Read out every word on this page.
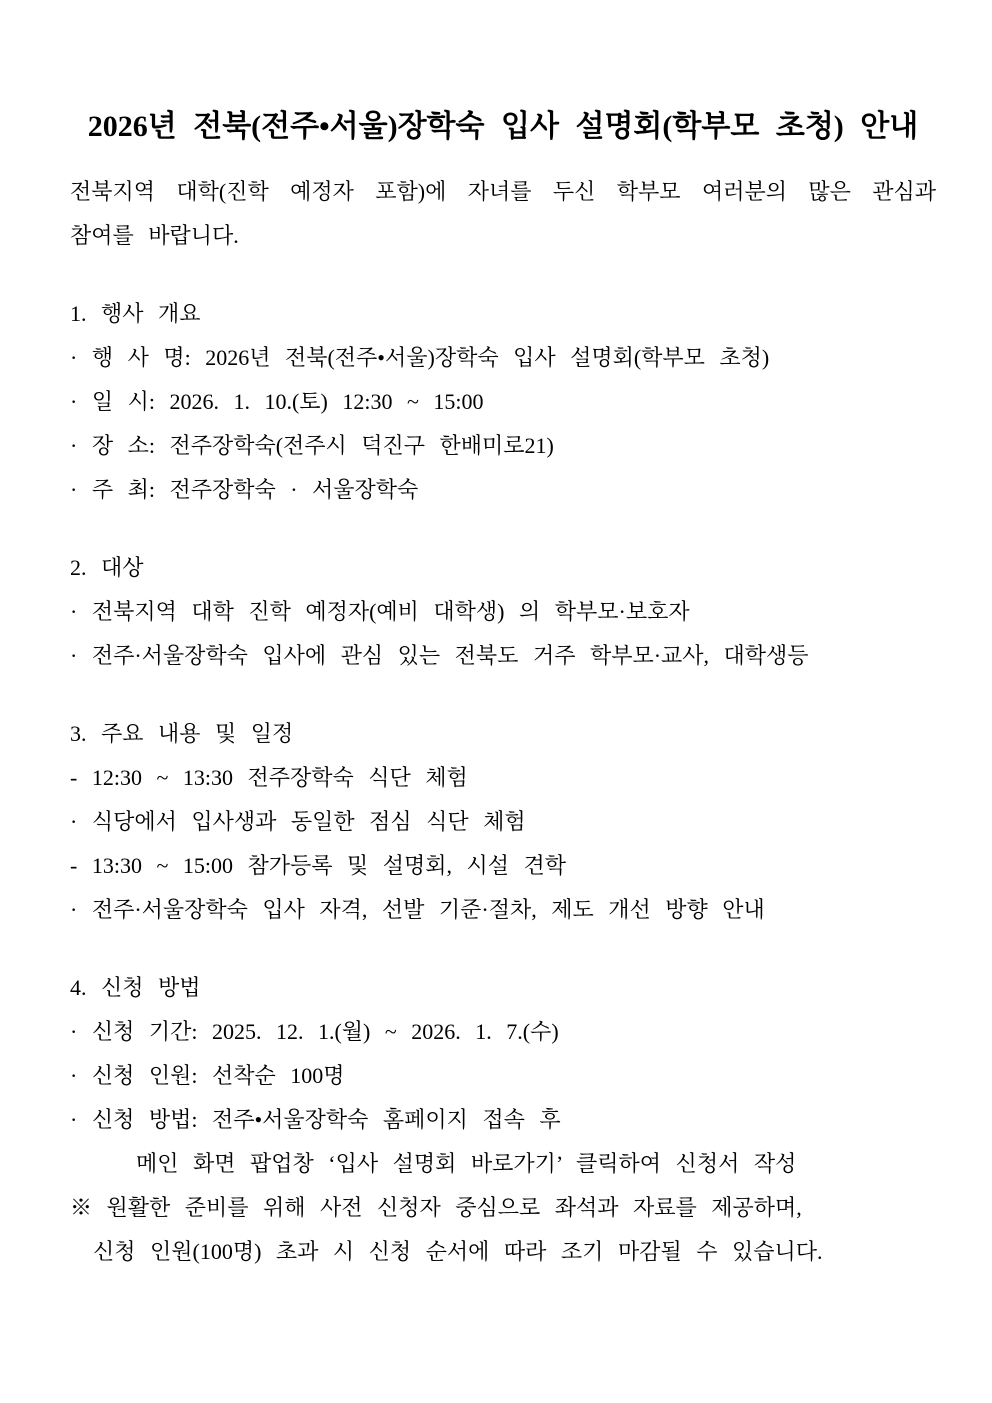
2026년 전북(전주•서울)장학숙 입사 설명회(학부모 초청) 안내
전북지역 대학(진학 예정자 포함)에 자녀를 두신 학부모 여러분의 많은 관심과
참여를 바랍니다.
1. 행사 개요
· 행 사 명: 2026년 전북(전주•서울)장학숙 입사 설명회(학부모 초청)
· 일 시: 2026. 1. 10.(토) 12:30 ~ 15:00
· 장 소: 전주장학숙(전주시 덕진구 한배미로21)
· 주 최: 전주장학숙 · 서울장학숙
2. 대상
· 전북지역 대학 진학 예정자(예비 대학생) 의 학부모·보호자
· 전주·서울장학숙 입사에 관심 있는 전북도 거주 학부모·교사, 대학생등
3. 주요 내용 및 일정
- 12:30 ~ 13:30 전주장학숙 식단 체험
· 식당에서 입사생과 동일한 점심 식단 체험
- 13:30 ~ 15:00 참가등록 및 설명회, 시설 견학
· 전주·서울장학숙 입사 자격, 선발 기준·절차, 제도 개선 방향 안내
4. 신청 방법
· 신청 기간: 2025. 12. 1.(월) ~ 2026. 1. 7.(수)
· 신청 인원: 선착순 100명
· 신청 방법: 전주•서울장학숙 홈페이지 접속 후
메인 화면 팝업창 ‘입사 설명회 바로가기’ 클릭하여 신청서 작성
※ 원활한 준비를 위해 사전 신청자 중심으로 좌석과 자료를 제공하며,
신청 인원(100명) 초과 시 신청 순서에 따라 조기 마감될 수 있습니다.
